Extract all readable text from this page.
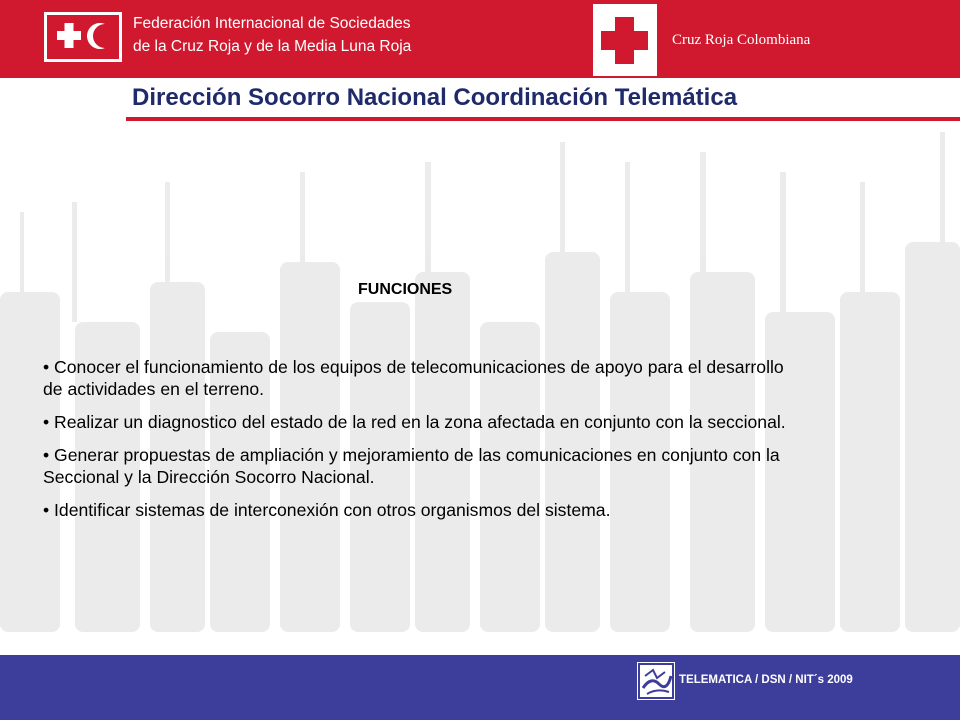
Federación Internacional de Sociedades
de la Cruz Roja y de la Media Luna Roja	Cruz Roja Colombiana
Dirección Socorro Nacional Coordinación Telemática
FUNCIONES
• Conocer el funcionamiento de los equipos de telecomunicaciones de apoyo para el desarrollo de actividades en el terreno.
• Realizar un diagnostico del estado de la red en la zona afectada en conjunto con la seccional.
• Generar propuestas de ampliación y mejoramiento de las comunicaciones en conjunto con la Seccional y la Dirección Socorro Nacional.
• Identificar sistemas de interconexión con otros organismos del sistema.
TELEMATICA / DSN / NIT´s 2009
